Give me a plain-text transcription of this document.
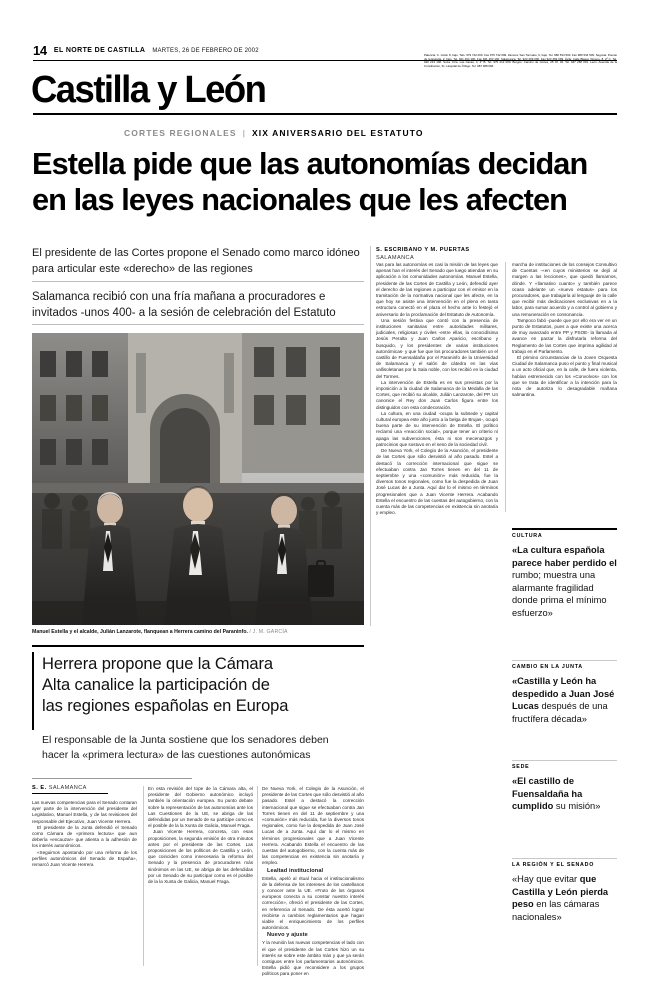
14 EL NORTE DE CASTILLA MARTES, 26 DE FEBRERO DE 2002
Palencia: C. Colón 8, bajo. Tels. 979 742 000. Fax 979 742 099. Zamora: San Torcuato, 6, bajo. Tel. 980 534 500. Fax 980 534 509. Segovia: Puente de la Estrella, 2, bajo. Tel. 921 463 100. Fax 921 463 190. Salamanca: Tel. 923 269 000. Fax 923 269 099. Ávila: Calle Blasco Ximeno, 8, 2º C. Tel. 920 213 100. Soria: Ctra. Las Casas, 4, 2º B. Tel. 975 212 000. Burgos: Camino de Cortes, 25 Of. 02. Tel. 947 268 001. León: Avenida de la Constitución, 31. Hospital de Órbigo. Tel. 987 388 096.
Castilla y León
CORTES REGIONALES | XIX ANIVERSARIO DEL ESTATUTO
Estella pide que las autonomías decidan
en las leyes nacionales que les afecten
El presidente de las Cortes propone el Senado como marco idóneo para articular este «derecho» de las regiones
Salamanca recibió con una fría mañana a procuradores e invitados -unos 400- a la sesión de celebración del Estatuto
S. ESCRIBANO Y M. PUERTAS
SALAMANCA
Manuel Estella y el alcalde, Julián Lanzarote, flanquean a Herrera camino del Paraninfo. / J. M. GARCÍA
Herrera propone que la Cámara
Alta canalice la participación de
las regiones españolas en Europa
El responsable de la Junta sostiene que los senadores deben hacer la «primera lectura» de las cuestiones autonómicas
S. E. SALAMANCA

Vas para las autonomías es casi la misión de las leyes que apenas han el interés del Senado que luego atiendan en su aplicación a los comunidades autonomías. Manuel Estella, presidente de las Cortes de Castilla y León, defendió ayer el derecho de las regiones a participar con el emisor en la tramitación de la normativa nacional que les afecte, en la que hoy se asiste una intervención en el pleno en tanta estructura conectó en el plaza el hecho ante lo festejó el aniversario de la proclamación del Estatuto de Autonomía.

Una sesión festiva que contó con la presencia de instituciones sanitarias entre autoridades militares, judiciales, religiosas y civiles -entre ellas, la conocidísima Jesús Peralta y Juan Carlos Aparicio, escribano y busquido, y los presidentes de varias instituciones autonómicas- y que fue que los procuradores también un el castillo de Fuensaldaña por el Paraninfo de la Universidad de Salamanca y el salón de cátedra en las vías vallisoletanas por la Sala noble, con los recibió en la ciudad del Tormes.

La intervención de Estella es en sus previstas por la imposición a la ciudad de Salamanca de la Medalla de las Cortes, que recibió su alcalde, Julián Lanzarote, del PP. Un canonice el Rey don Juan Carlos figura entre los distinguidos con esta condecoración.

La cultura, en una ciudad -ocupa la subsede y capital cultural europea este año junto a la belga de Brujas-, ocupó buena parte de su intervención de Estella. El político reclamó una «reacción social», porque tener un criterio ni apaga las subvenciones, ésta ni son mecenazgos y patrocinios que sostuvo en el seno de la sociedad civil.

De Nueva York, el Colegio de la Asunción, el presidente de las Cortes que sólo desvistió al año pasado. Estel a destacó la corrección internacional que sigue se efectuaban contra Jan Torres tienen en del 11 de septiembre y una «comunión» más reducida, fue la diversos tonos regionales, como fue la despedida de Juan José Lucas de a Junta. Aquí dar lo el mismo en términos progresionales que a Juan Vicente Herrera. Acabando Estella el encuentro de las cuestas del autogobierno, con la cuenta más de las competencias en existencia sin anotaría y empleo.

marcha de instituciones de los consejos Consultivo de Cuentas -«en cuyos ministerios se dejó al margen a las lecciones», que quedó llamarnos, dónde. Y «llamativo cuanto» y también parece ocaso adelante un «nuevo estatus» para los procuradores, que trabajaría al lenguaje de la calle que recibir más dedicaciones exclusivas en a la labor, para sumar acuerdo y a control al gobierno y una remuneración en consonancia.

Tampoco fabó -puede que por ello era ver en un punto de Estatutos, pues a que existe una acerca de muy avanzado entre PP y PSOE- la llamada al avance en pactar la disfrutarla reforma del Reglamento de las Cortes que imprima agilidad al trabajo en el Parlamento.

El primino circunstancias de la Joven Orquesta Ciudad de Salamanca puso el punto y final musical a un acto oficial que, en la calle, de fuera violenta, habían estremecido con los «Convolvos» con los que se trata de identificar a la intención para la nota de autoriza lo desagradable mañana salmantina.

CULTURA
«La cultura española parece haber perdido el rumbo; muestra una alarmante fragilidad donde prima el mínimo esfuerzo»
CAMBIO EN LA JUNTA
«Castilla y León ha despedido a Juan José Lucas después de una fructífera década»
SEDE
«El castillo de Fuensaldaña ha cumplido su misión»
LA REGIÓN Y EL SENADO
«Hay que evitar que Castilla y León pierda peso en las cámaras nacionales»

Las nuevas competencias para el Senado contaran ayer parte de la intervención del presidente del Legislativo, Manuel Estella, y de las revisiones del responsable del Ejecutivo, Juan Vicente Herrera.

El presidente de la Junta defendió el Senado como Cámara de «primera lectura» que aun debería «encauzar» que atienta a la adhesión de los interés autonómicos.

«Seguimos apostando por una reforma de los perfiles autonómicos del Senado de España», remarcó Juan Vicente Herrera

En esta revisión del tope de la Cámara alta, el presidente del Gobierno autonómico incluyó también la orientación europea. Su punto debate sobre la representación de las autonomías ante los Las Cuestiones de la UE, se abriga de las defendidas por un Senado de su participe como es el posible de la la Xunta de Galicia, Manuel Fraga.

Juan Vicente Herrera, concreta, con esas proposiciones, la segunda emisión de otra minutos antes por el presidente de las Cortes. Las proposiciones de los políticos de Castilla y León, que coinciden como innecesaria la reforma del Senado y la presencia de procuradores más sinónimos en las UE, se abriga de las defendidas por un Senado de su participar como es el posible de la la Xunta de Galicia, Manuel Fraga.

De Nueva York, el Colegio de la Asunción, el presidente de las Cortes que sólo desvistió al año pasado. Estel a destacó la corrección internacional que sigue se efectuaban contra Jan Torres tienen en del 11 de septiembre y una «comunión» más reducida, fue la diversos tonos regionales, como fue la despedida de Juan José Lucas de a Junta. Aquí dar lo el mismo en términos progresionales que a Juan Vicente Herrera. Acabando Estella el encuentro de las cuestas del autogobierno, con la cuenta más de las competencias en existencia sin anotaría y empleo.

Lealtad institucional

Estella, apeló al ritual hacia el institucionalismo de la defensa de los intereses de los castellanos y conocer ante la UE. «Fruto de los órganos europeos conecta a su constar nuestro interés corrección», ofreció el presidente de las Cortes, en referencia al Senado. De ésta acertó lograr recibirse a cambios reglamentarios que hagan viable el enriquecimiento de los perfiles autonómicos.

Nuevo y ajuste

Y la reunión las nuevas competencias el lado con el que el presidente de las Cortes hizo un su interés se sobre este ámbito más y que ya serán contiguos entre los parlamentarios autonómicos. Estella pidió que reconsidere a los grupos políticos para poner en
